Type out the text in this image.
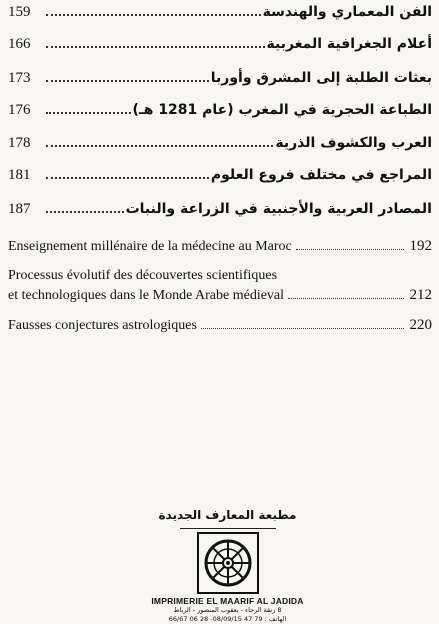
159	الفن المعماري والهندسة
166	أعلام الجغرافية المغربية
173	بعثات الطلبة إلى المشرق وأوربا
176	الطباعة الحجرية في المغرب (عام 1281 هـ)
178	العرب والكشوف الذرية
181	المراجع في مختلف فروع العلوم
187	المصادر العربية والأجنبية في الزراعة والنبات
Enseignement millénaire de la médecine au Maroc	192
Processus évolutif des découvertes scientifiques
et technologiques dans le Monde Arabe médieval	212
Fausses conjectures astrologiques	220
مطبعة المعارف الجديدة
IMPRIMERIE EL MAARIF AL JADIDA
8 زنقة الرحاء - يعقوب المنصور - الرباط
الهاتف : 79 47 08/09/15- 28 06 66/67
